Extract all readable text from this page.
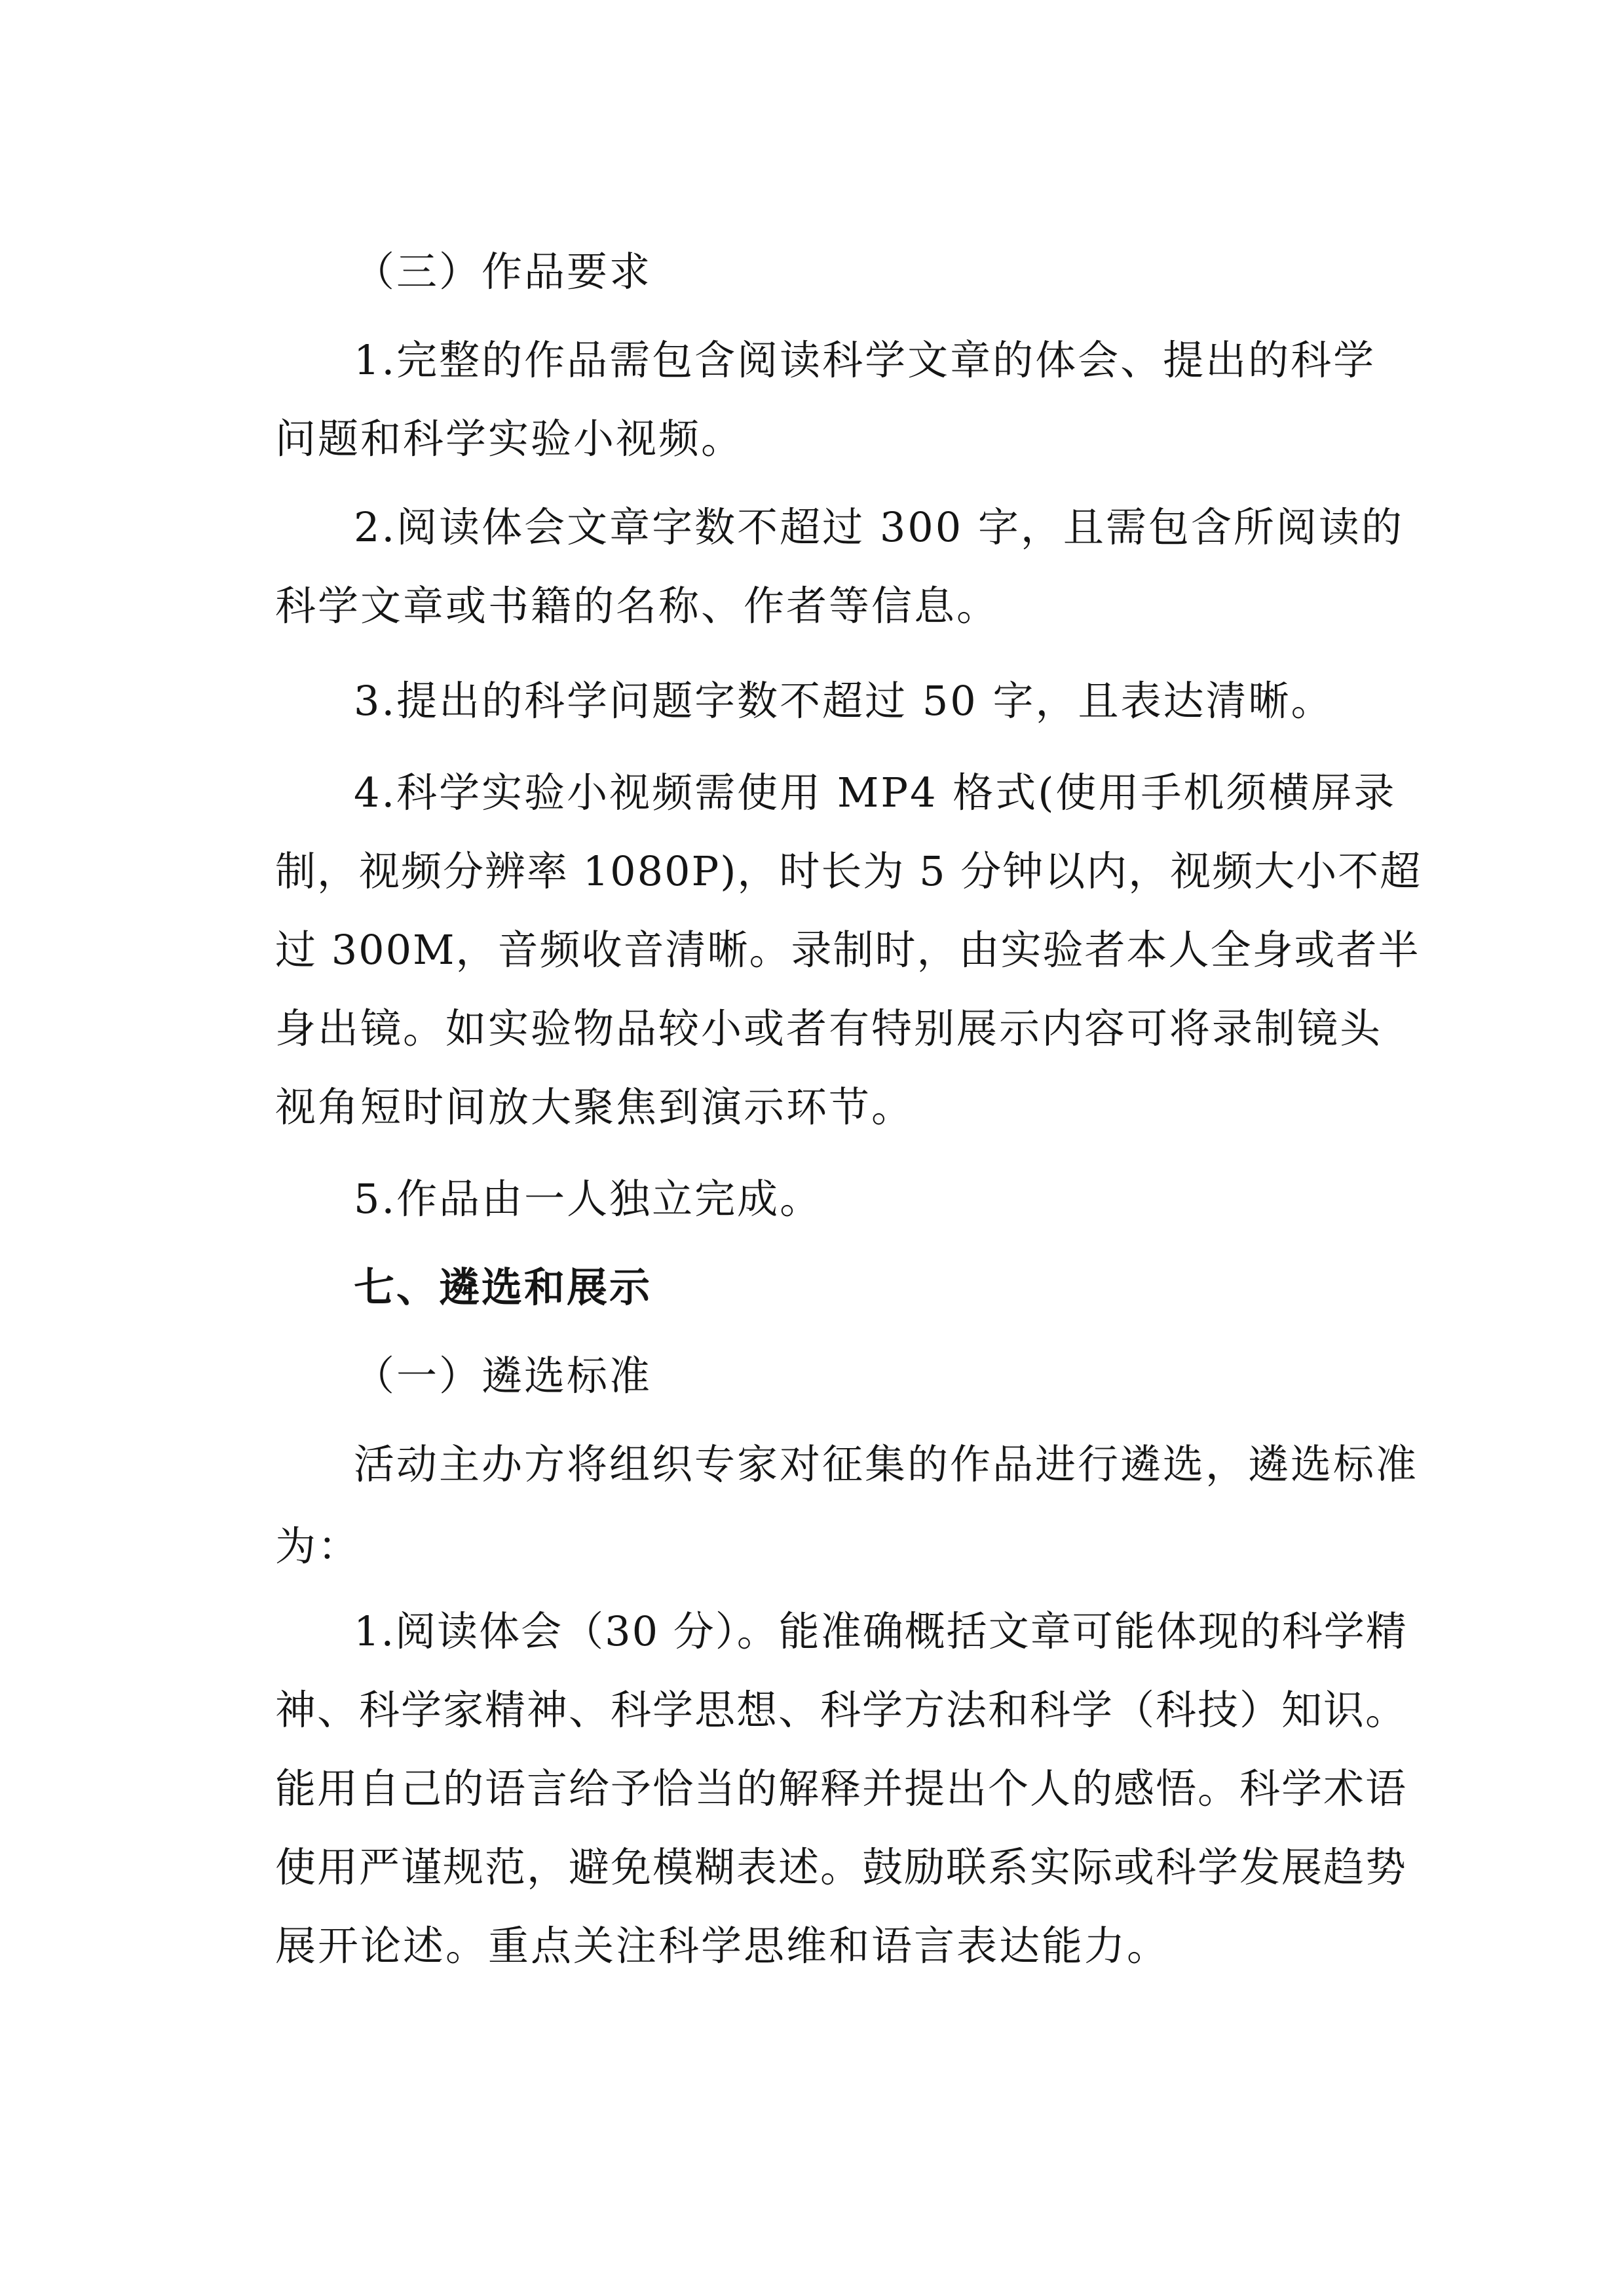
（三）作品要求

1.完整的作品需包含阅读科学文章的体会、提出的科学

问题和科学实验小视频。

2.阅读体会文章字数不超过 300 字，且需包含所阅读的

科学文章或书籍的名称、作者等信息。

3.提出的科学问题字数不超过 50 字，且表达清晰。

4.科学实验小视频需使用 MP4 格式(使用手机须横屏录

制，视频分辨率 1080P)，时长为 5 分钟以内，视频大小不超

过 300M，音频收音清晰。录制时，由实验者本人全身或者半

身出镜。如实验物品较小或者有特别展示内容可将录制镜头

视角短时间放大聚焦到演示环节。

5.作品由一人独立完成。

七、遴选和展示

（一）遴选标准

活动主办方将组织专家对征集的作品进行遴选，遴选标准

为：

1.阅读体会（30 分）。能准确概括文章可能体现的科学精

神、科学家精神、科学思想、科学方法和科学（科技）知识。

能用自己的语言给予恰当的解释并提出个人的感悟。科学术语

使用严谨规范，避免模糊表述。鼓励联系实际或科学发展趋势

展开论述。重点关注科学思维和语言表达能力。
